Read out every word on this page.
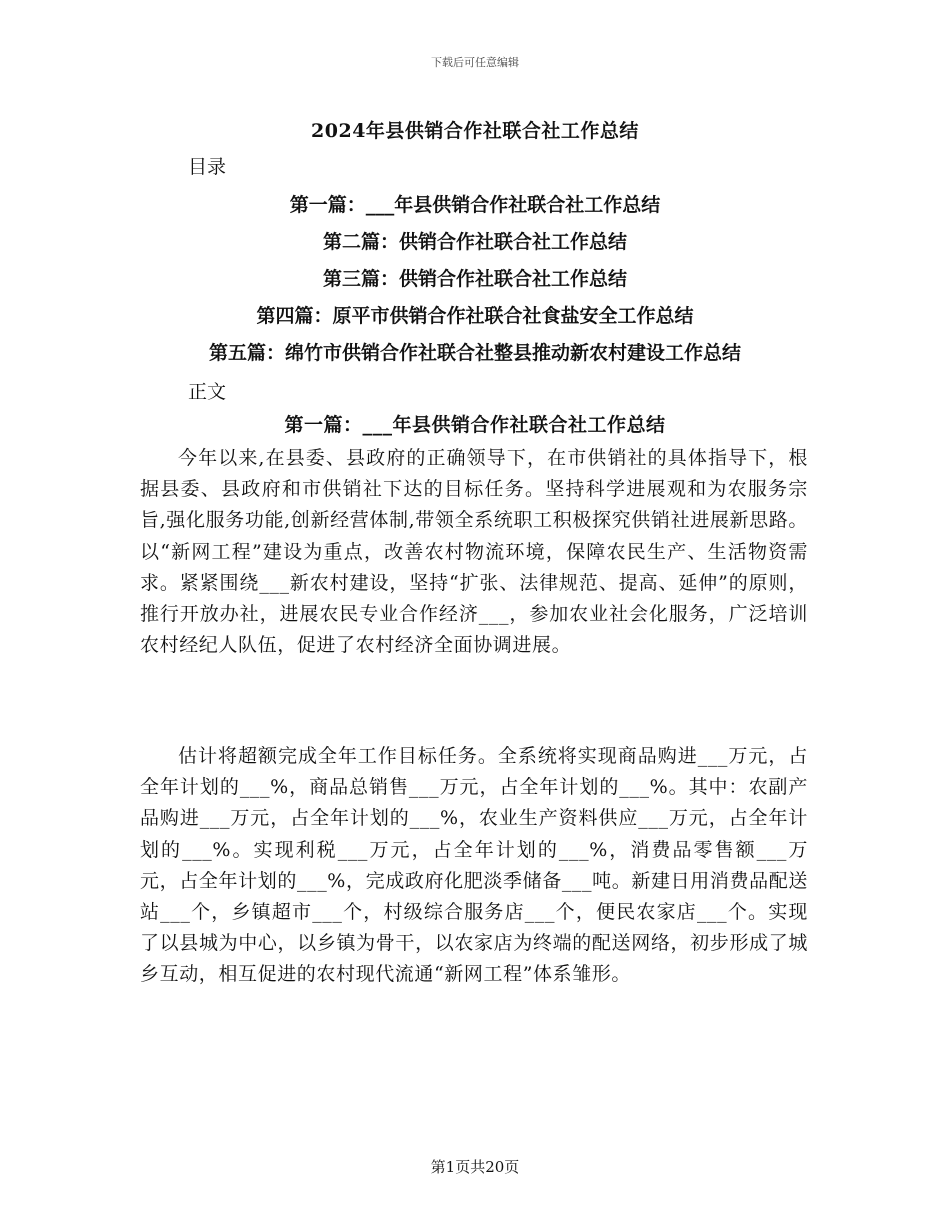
下载后可任意编辑
2024年县供销合作社联合社工作总结
目录
第一篇：___年县供销合作社联合社工作总结
第二篇：供销合作社联合社工作总结
第三篇：供销合作社联合社工作总结
第四篇：原平市供销合作社联合社食盐安全工作总结
第五篇：绵竹市供销合作社联合社整县推动新农村建设工作总结
正文
第一篇：___年县供销合作社联合社工作总结

今年以来,在县委、县政府的正确领导下，在市供销社的具体指导下，根据县委、县政府和市供销社下达的目标任务。坚持科学进展观和为农服务宗旨,强化服务功能,创新经营体制,带领全系统职工积极探究供销社进展新思路。以“新网工程”建设为重点，改善农村物流环境，保障农民生产、生活物资需求。紧紧围绕___新农村建设，坚持“扩张、法律规范、提高、延伸”的原则，推行开放办社，进展农民专业合作经济___，参加农业社会化服务，广泛培训农村经纪人队伍，促进了农村经济全面协调进展。

估计将超额完成全年工作目标任务。全系统将实现商品购进___万元，占全年计划的___%，商品总销售___万元，占全年计划的___%。其中：农副产品购进___万元，占全年计划的___%，农业生产资料供应___万元，占全年计划的___%。实现利税___万元，占全年计划的___%，消费品零售额___万元，占全年计划的___%，完成政府化肥淡季储备___吨。新建日用消费品配送站___个，乡镇超市___个，村级综合服务店___个，便民农家店___个。实现了以县城为中心，以乡镇为骨干，以农家店为终端的配送网络，初步形成了城乡互动，相互促进的农村现代流通“新网工程”体系雏形。

第1页共20页
